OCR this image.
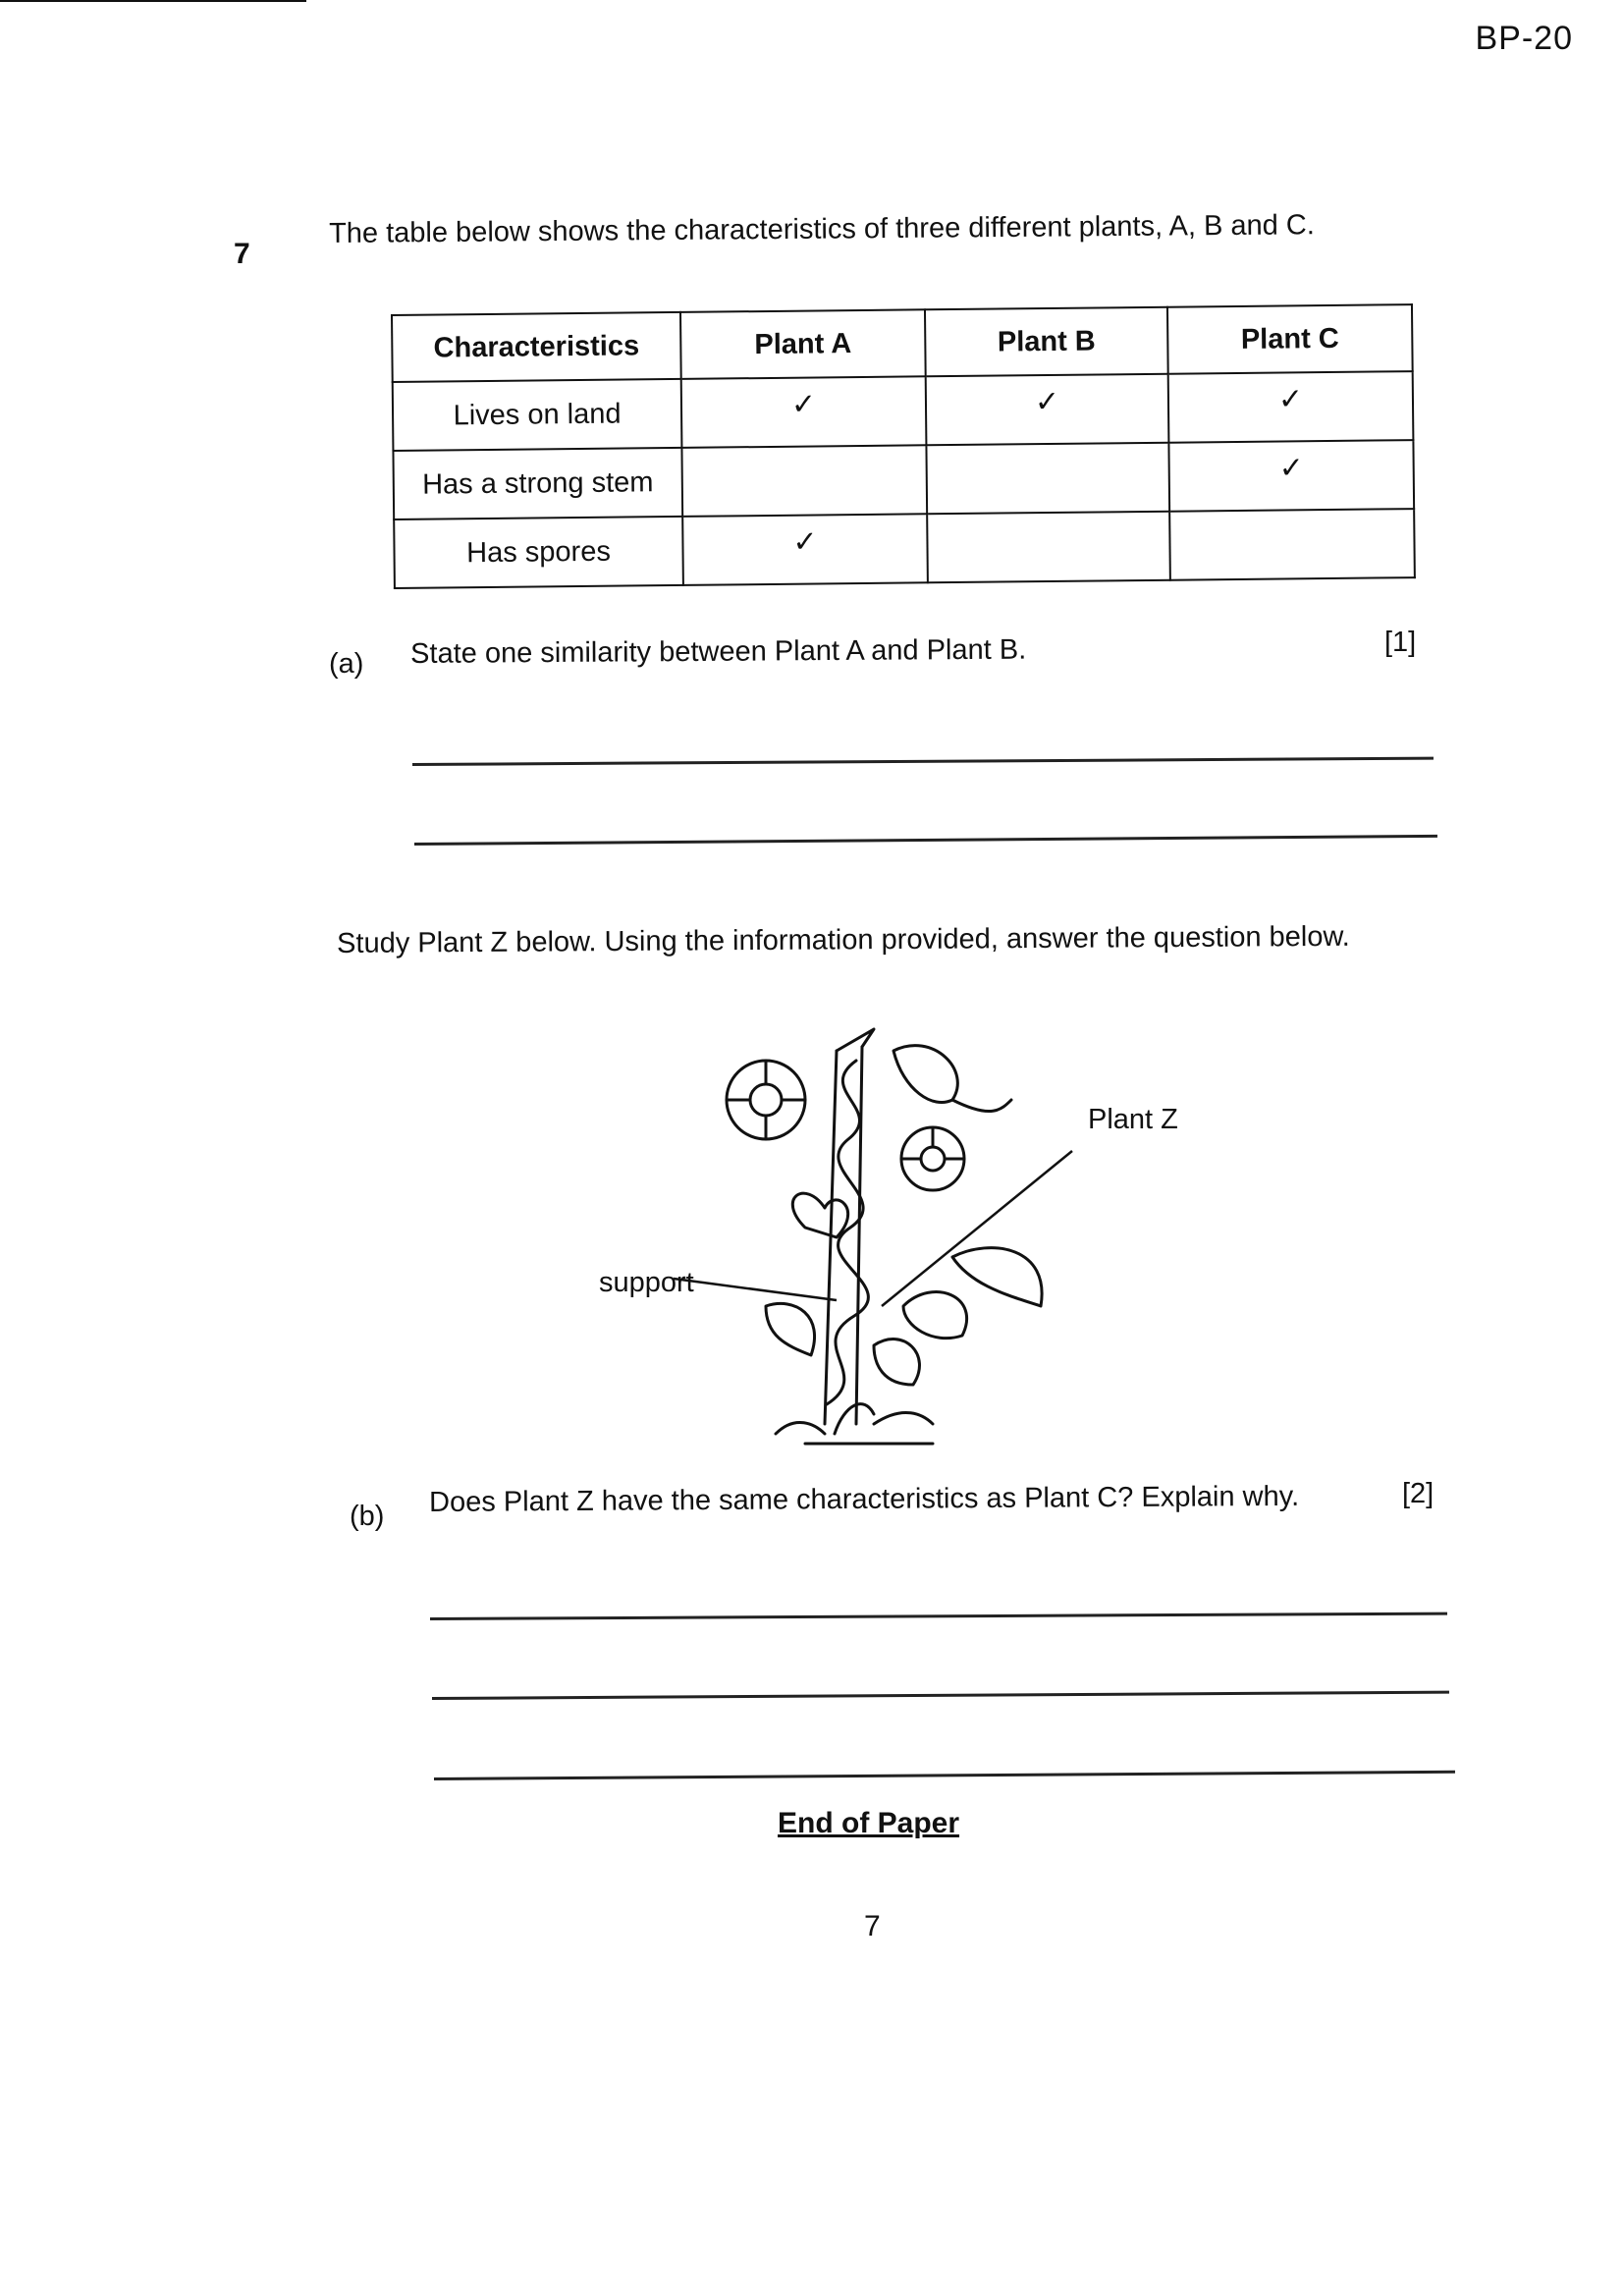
BP-20
7
The table below shows the characteristics of three different plants, A, B and C.
Characteristics	Plant A	Plant B	Plant C
Lives on land	✓	✓	✓
Has a strong stem			✓
Has spores	✓		
(a) State one similarity between Plant A and Plant B.	[1]
Study Plant Z below. Using the information provided, answer the question below.
Plant Z
support
(b) Does Plant Z have the same characteristics as Plant C? Explain why.	[2]
End of Paper
7
